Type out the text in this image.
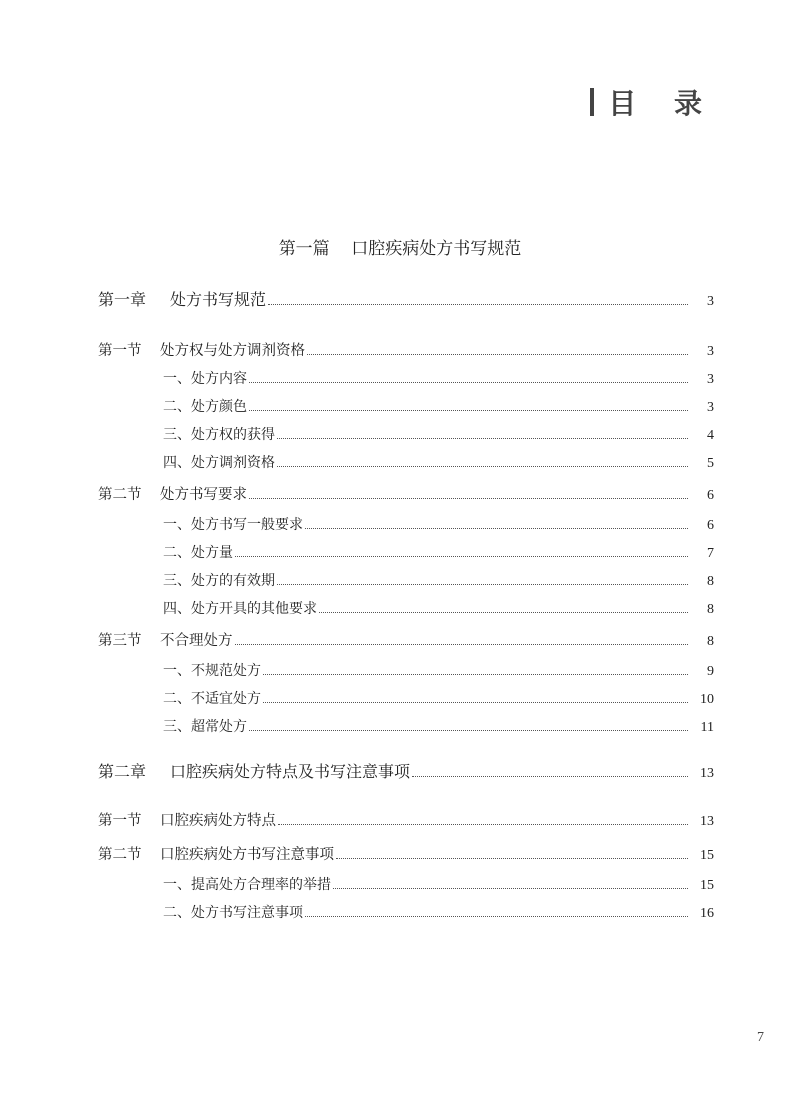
目 录
第一篇    口腔疾病处方书写规范
第一章 处方书写规范	3
第一节 处方权与处方调剂资格	3
一、处方内容	3
二、处方颜色	3
三、处方权的获得	4
四、处方调剂资格	5
第二节 处方书写要求	6
一、处方书写一般要求	6
二、处方量	7
三、处方的有效期	8
四、处方开具的其他要求	8
第三节 不合理处方	8
一、不规范处方	9
二、不适宜处方	10
三、超常处方	11
第二章 口腔疾病处方特点及书写注意事项	13
第一节 口腔疾病处方特点	13
第二节 口腔疾病处方书写注意事项	15
一、提高处方合理率的举措	15
二、处方书写注意事项	16
7
